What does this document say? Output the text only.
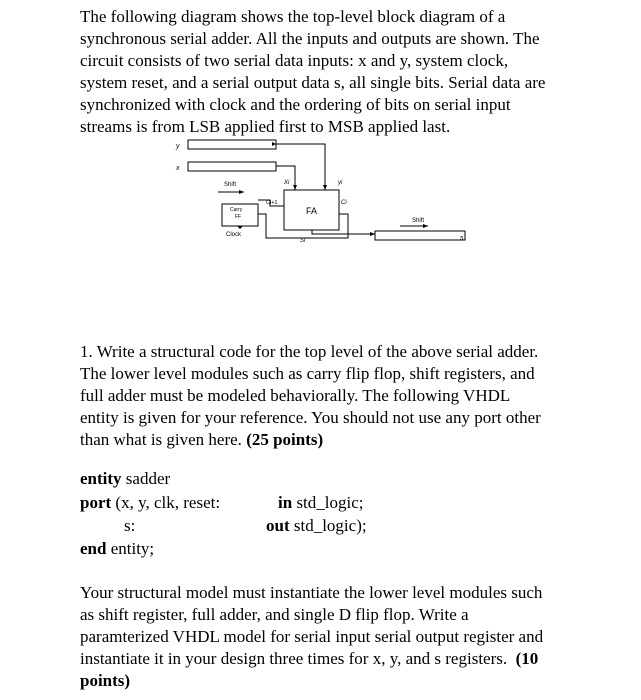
The following diagram shows the top-level block diagram of a
synchronous serial adder. All the inputs and outputs are shown. The
circuit consists of two serial data inputs: x and y, system clock,
system reset, and a serial output data s, all single bits. Serial data are
synchronized with clock and the ordering of bits on serial input
streams is from LSB applied first to MSB applied last.
y
x
Shift	Xi	yi
Ci+1	Ci
FA
Carry
FF
Clock
Si
Shift
s
1. Write a structural code for the top level of the above serial adder.
The lower level modules such as carry flip flop, shift registers, and
full adder must be modeled behaviorally. The following VHDL
entity is given for your reference. You should not use any port other
than what is given here. (25 points)
entity sadder
port (x, y, clk, reset:	in std_logic;
s:	out std_logic);
end entity;
Your structural model must instantiate the lower level modules such
as shift register, full adder, and single D flip flop. Write a
paramterized VHDL model for serial input serial output register and
instantiate it in your design three times for x, y, and s registers. (10
points)
